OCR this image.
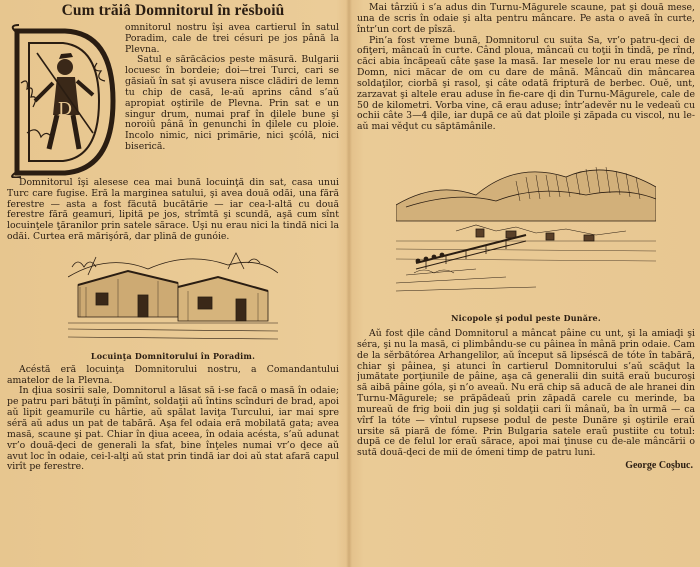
Cum trăiâ Domnitorul în rĕsboiû
D

omnitorul nostru îşi avea cartierul în satul Poradim, cale de trei césuri pe jos până la Plevna.

Satul e sărăcăcios peste măsură. Bulgarii locuesc în bordeie; doi—trei Turci, cari se găsiaŭ în sat şi avusera nisce clădiri de lemn tu chip de casă, le-aŭ aprins când s’aŭ apropiat oştirile de Plevna. Prin sat e un singur drum, numai praf în ḑilele bune şi noroiû până în genunchi în ḑilele cu ploie. Incolo nimic, nici primărie, nici şcólă, nici biserică.

Domnitorul îşi alesese cea mai bună locuinţă din sat, casa unui Turc care fugise. Eră la marginea satului, şi avea două odăi, una fără ferestre — asta a fost făcută bucătărie — iar cea-l-altă cu două ferestre fără geamuri, lipită pe jos, strîmtă şi scundă, aşă cum sînt locuinţele ţăranilor prin satele sărace. Uşi nu erau nici la tindă nici la odăi. Curtea eră mărişóră, dar plină de gunóie.

Locuinţa Domnitorului în Poradim.

Acéstă eră locuinţa Domnitorului nostru, a Comandantului amatelor de la Plevna.

In ḑiua sosirii sale, Domnitorul a lăsat să i-se facă o masă în odaie; pe patru pari bătuţi în pămînt, soldaţii aŭ întins scînduri de brad, apoi aŭ lipit geamurile cu hârtie, aŭ spălat laviţa Turcului, iar mai spre séră aŭ adus un pat de tabără. Aşa fel odaia eră mobilată gata; avea masă, scaune şi pat. Chiar în ḑiua aceea, în odaia acésta, s’aŭ adunat vr’o două-ḑeci de generali la sfat, bine înţeles numai vr’o ḑece aŭ avut loc în odaie, cei-l-alţi aŭ stat prin tindă iar doi aŭ stat afară capul virît pe ferestre.

Mai târziŭ i s’a adus din Turnu-Măgurele scaune, pat şi două mese, una de scris în odaie şi alta pentru mâncare. Pe asta o aveă în curte, într’un cort de pîsză.

Pin’a fost vreme bună, Domnitorul cu suita Sa, vr’o patru-ḑeci de ofiţeri, mâncaŭ în curte. Când ploua, mâncaŭ cu toţii în tindă, pe rînd, căci abia încăpeaŭ câte şase la masă. Iar mesele lor nu erau mese de Domn, nici măcar de om cu dare de mână. Mâncaŭ din mâncarea soldaţilor, ciorbă şi rasol, şi câte odată friptură de berbec. Ouĕ, unt, zarzavat şi altele erau aduse în fie-care ḑi din Turnu-Măgurele, cale de 50 de kilometri. Vorba vine, că erau aduse; într’adevĕr nu le vedeaŭ cu ochii câte 3—4 ḑile, iar după ce aŭ dat ploile şi zăpada cu viscol, nu le-aŭ mai vĕḑut cu săptămânile.

Nicopole şi podul peste Dunăre.

Aŭ fost ḑile când Domnitorul a mâncat pâine cu unt, şi la amiaḑi şi séra, şi nu la masă, ci plimbându-se cu pâinea în mână prin odaie. Cam de la sĕrbătórea Arhangelilor, aŭ început să lipséscă de tóte în tabără, chiar şi pâinea, şi atunci în cartierul Domnitorului s’aŭ scăḑut la jumătate porţiunile de pâine, aşa că generalii din suită eraŭ bucuroşi să aibă pâine góla, şi n’o aveaŭ. Nu eră chip să aducă de ale hranei din Turnu-Măgurele; se prăpădeaŭ prin zăpadă carele cu merinde, ba mureaŭ de frig boii din jug şi soldaţii cari îi mânaŭ, ba în urmă — ca vîrf la tóte — vîntul rupsese podul de peste Dunăre şi oştirile eraŭ ursite să piară de fóme. Prin Bulgaria satele eraŭ pustiite cu totul: după ce de felul lor eraŭ sărace, apoi mai ţinuse cu de-ale mâncării o sută două-ḑeci de mii de ómeni timp de patru luni.

George Coşbuc.
